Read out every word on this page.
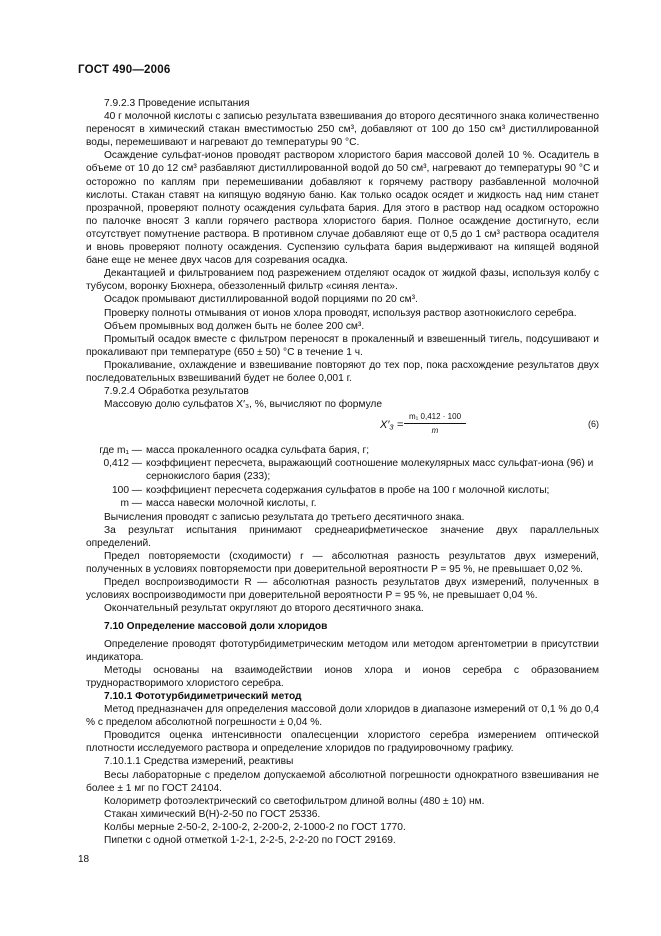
ГОСТ 490—2006

7.9.2.3 Проведение испытания

40 г молочной кислоты с записью результата взвешивания до второго десятичного знака количественно переносят в химический стакан вместимостью 250 см³, добавляют от 100 до 150 см³ дистиллированной воды, перемешивают и нагревают до температуры 90 °С.

Осаждение сульфат-ионов проводят раствором хлористого бария массовой долей 10 %. Осадитель в объеме от 10 до 12 см³ разбавляют дистиллированной водой до 50 см³, нагревают до температуры 90 °С и осторожно по каплям при перемешивании добавляют к горячему раствору разбавленной молочной кислоты. Стакан ставят на кипящую водяную баню. Как только осадок осядет и жидкость над ним станет прозрачной, проверяют полноту осаждения сульфата бария. Для этого в раствор над осадком осторожно по палочке вносят 3 капли горячего раствора хлористого бария. Полное осаждение достигнуто, если отсутствует помутнение раствора. В противном случае добавляют еще от 0,5 до 1 см³ раствора осадителя и вновь проверяют полноту осаждения. Суспензию сульфата бария выдерживают на кипящей водяной бане еще не менее двух часов для созревания осадка.

Декантацией и фильтрованием под разрежением отделяют осадок от жидкой фазы, используя колбу с тубусом, воронку Бюхнера, обеззоленный фильтр «синяя лента».

Осадок промывают дистиллированной водой порциями по 20 см³.

Проверку полноты отмывания от ионов хлора проводят, используя раствор азотнокислого серебра.

Объем промывных вод должен быть не более 200 см³.

Промытый осадок вместе с фильтром переносят в прокаленный и взвешенный тигель, подсушивают и прокаливают при температуре (650 ± 50) °С в течение 1 ч.

Прокаливание, охлаждение и взвешивание повторяют до тех пор, пока расхождение результатов двух последовательных взвешиваний будет не более 0,001 г.

7.9.2.4 Обработка результатов

Массовую долю сульфатов X′₃, %, вычисляют по формуле

$X'_3 = \frac{\text{m₁ 0,412 · 100}}{m}$	(6)
где m₁ — масса прокаленного осадка сульфата бария, г;
0,412 — коэффициент пересчета, выражающий соотношение молекулярных масс сульфат-иона (96) и сернокислого бария (233);
100 — коэффициент пересчета содержания сульфатов в пробе на 100 г молочной кислоты;
m — масса навески молочной кислоты, г.

Вычисления проводят с записью результата до третьего десятичного знака.

За результат испытания принимают среднеарифметическое значение двух параллельных определений.

Предел повторяемости (сходимости) r — абсолютная разность результатов двух измерений, полученных в условиях повторяемости при доверительной вероятности P = 95 %, не превышает 0,02 %.

Предел воспроизводимости R — абсолютная разность результатов двух измерений, полученных в условиях воспроизводимости при доверительной вероятности P = 95 %, не превышает 0,04 %.

Окончательный результат округляют до второго десятичного знака.

7.10 Определение массовой доли хлоридов

Определение проводят фототурбидиметрическим методом или методом аргентометрии в присутствии индикатора.

Методы основаны на взаимодействии ионов хлора и ионов серебра с образованием труднорастворимого хлористого серебра.

7.10.1 Фототурбидиметрический метод

Метод предназначен для определения массовой доли хлоридов в диапазоне измерений от 0,1 % до 0,4 % с пределом абсолютной погрешности ± 0,04 %.

Проводится оценка интенсивности опалесценции хлористого серебра измерением оптической плотности исследуемого раствора и определение хлоридов по градуировочному графику.

7.10.1.1 Средства измерений, реактивы

Весы лабораторные с пределом допускаемой абсолютной погрешности однократного взвешивания не более ± 1 мг по ГОСТ 24104.

Колориметр фотоэлектрический со светофильтром длиной волны (480 ± 10) нм.

Стакан химический В(Н)-2-50 по ГОСТ 25336.

Колбы мерные 2-50-2, 2-100-2, 2-200-2, 2-1000-2 по ГОСТ 1770.

Пипетки с одной отметкой 1-2-1, 2-2-5, 2-2-20 по ГОСТ 29169.

18
